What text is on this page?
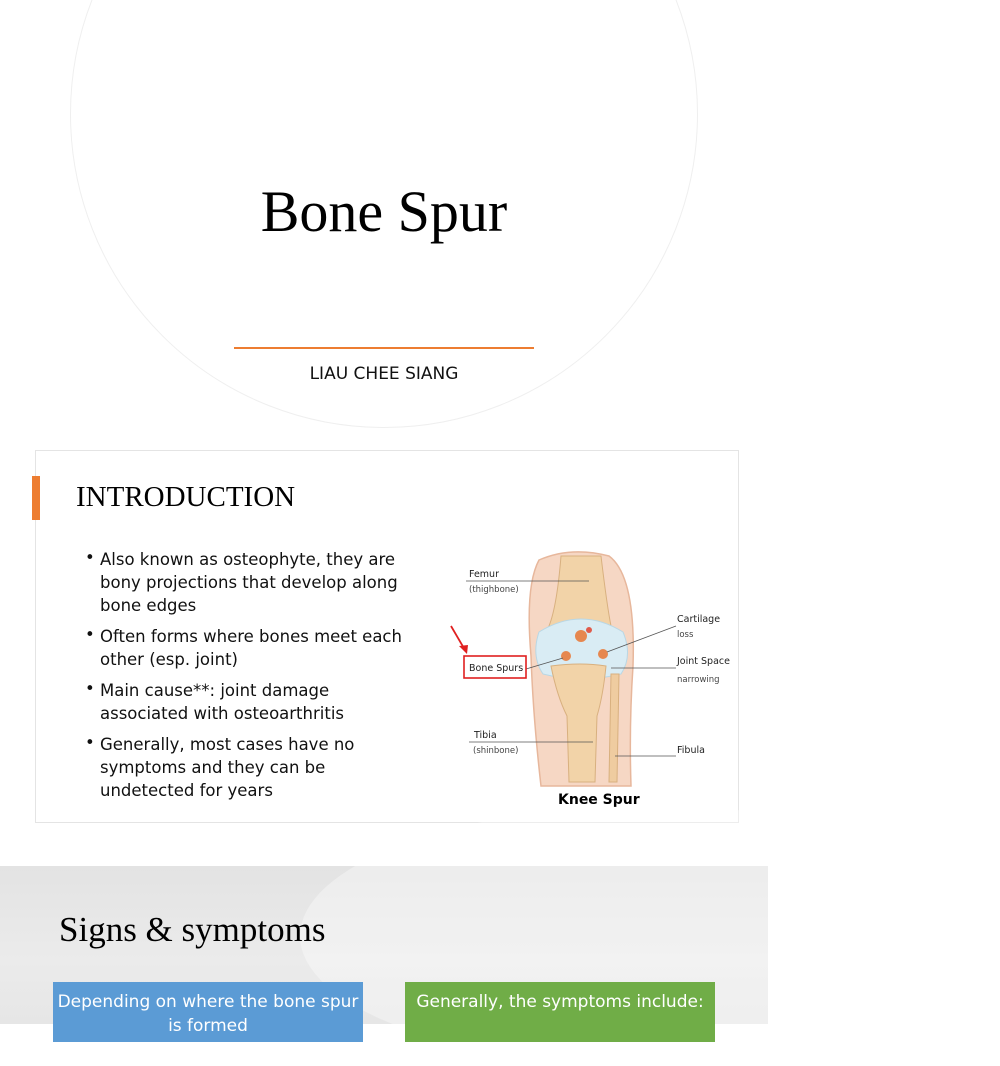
Bone Spur
LIAU CHEE SIANG
INTRODUCTION
• Also known as osteophyte, they are bony projections that develop along bone edges
• Often forms where bones meet each other (esp. joint)
• Main cause**: joint damage associated with osteoarthritis
• Generally, most cases have no symptoms and they can be undetected for years
Femur
(thighbone)
Bone Spurs
Cartilage
loss
Joint Space
narrowing
Tibia
(shinbone)	Fibula
Knee Spur
Signs & symptoms
Depending on where the bone spur is formed
Generally, the symptoms include:
